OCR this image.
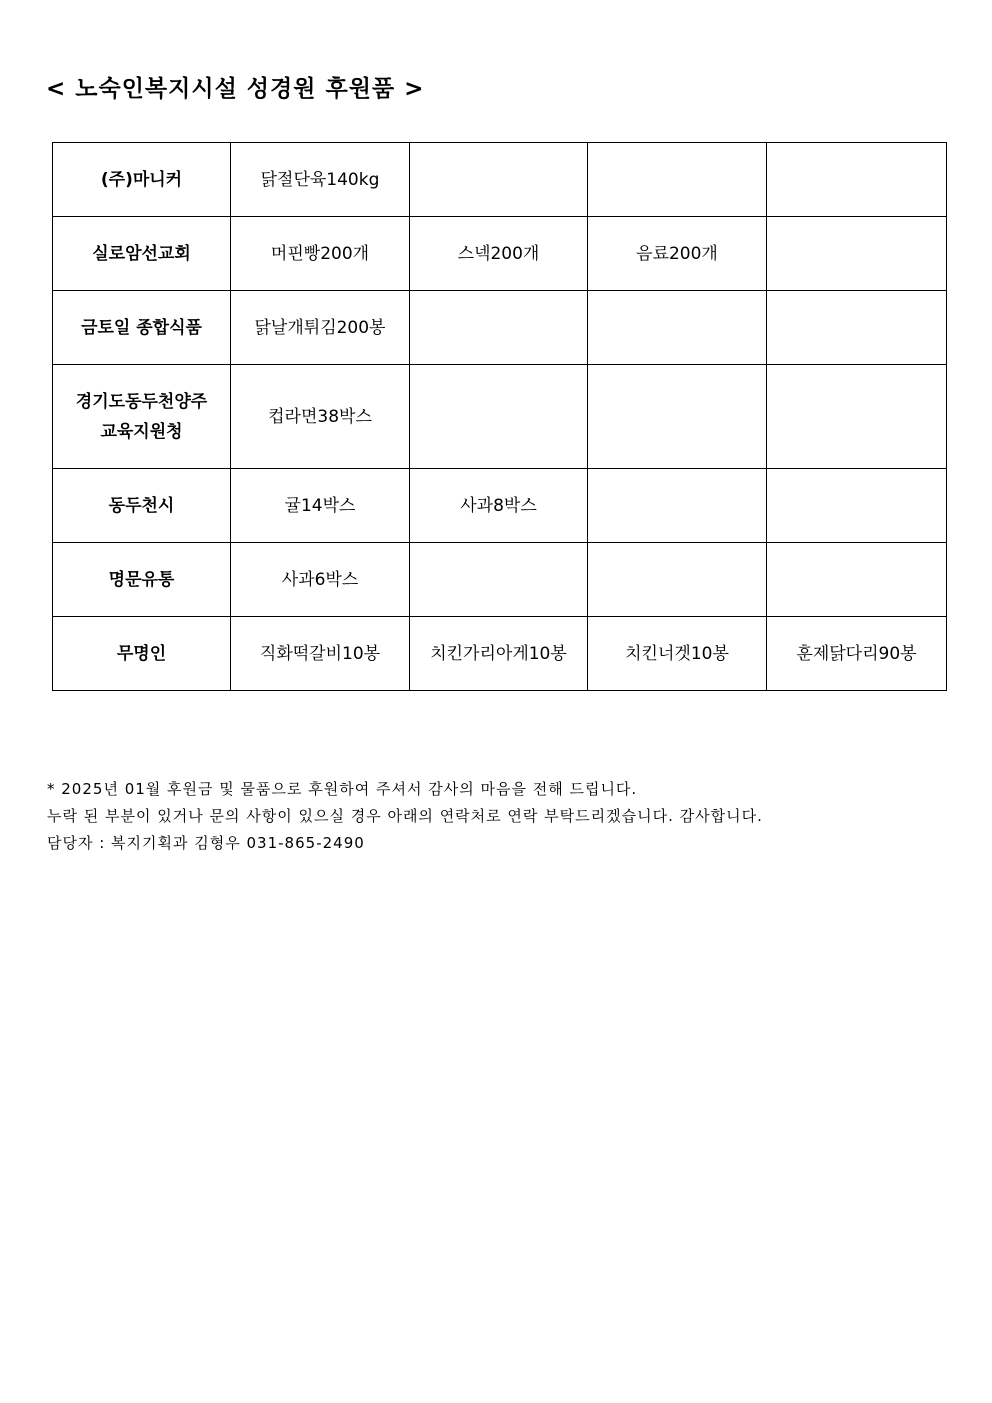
< 노숙인복지시설 성경원 후원품 >
(주)마니커	닭절단육140kg			
실로암선교회	머핀빵200개	스넥200개	음료200개	
금토일 종합식품	닭날개튀김200봉			

경기도동두천양주
교육지원청	컵라면38박스			
동두천시	귤14박스	사과8박스		
명문유통	사과6박스			
무명인	직화떡갈비10봉	치킨가리아게10봉	치킨너겟10봉	훈제닭다리90봉
* 2025년 01월 후원금 및 물품으로 후원하여 주셔서 감사의 마음을 전해 드립니다.
누락 된 부분이 있거나 문의 사항이 있으실 경우 아래의 연락처로 연락 부탁드리겠습니다. 감사합니다.
담당자 : 복지기획과 김형우 031-865-2490
